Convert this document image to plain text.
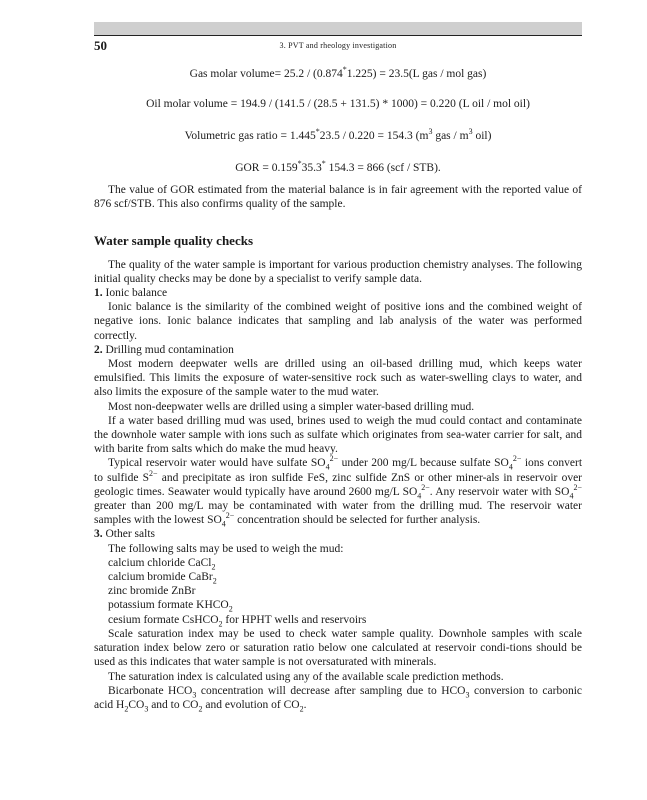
50	3. PVT and rheology investigation
Gas molar volume= 25.2 / (0.874*1.225) = 23.5(L gas / mol gas)
Oil molar volume = 194.9 / (141.5 / (28.5 + 131.5) * 1000) = 0.220 (L oil / mol oil)
Volumetric gas ratio = 1.445*23.5 / 0.220 = 154.3 ($m^3$ gas / $m^3$ oil)
GOR = 0.159*35.3* 154.3 = 866 (scf / STB).

The value of GOR estimated from the material balance is in fair agreement with the reported value of 876 scf/STB. This also confirms quality of the sample.

Water sample quality checks

The quality of the water sample is important for various production chemistry analyses. The following initial quality checks may be done by a specialist to verify sample data.

1. Ionic balance

Ionic balance is the similarity of the combined weight of positive ions and the combined weight of negative ions. Ionic balance indicates that sampling and lab analysis of the water was performed correctly.

2. Drilling mud contamination

Most modern deepwater wells are drilled using an oil-based drilling mud, which keeps water emulsified. This limits the exposure of water-sensitive rock such as water-swelling clays to water, and also limits the exposure of the sample water to the mud water.

Most non-deepwater wells are drilled using a simpler water-based drilling mud.

If a water based drilling mud was used, brines used to weigh the mud could contact and contaminate the downhole water sample with ions such as sulfate which originates from sea-water carrier for salt, and with barite from salts which do make the mud heavy.

Typical reservoir water would have sulfate $SO_4^{2-}$ under 200 mg/L because sulfate $SO_4^{2-}$ ions convert to sulfide $S^{2-}$ and precipitate as iron sulfide FeS, zinc sulfide ZnS or other miner-als in reservoir over geologic times. Seawater would typically have around 2600 mg/L $SO_4^{2-}$. Any reservoir water with $SO_4^{2-}$ greater than 200 mg/L may be contaminated with water from the drilling mud. The reservoir water samples with the lowest $SO_4^{2-}$ concentration should be selected for further analysis.

3. Other salts

The following salts may be used to weigh the mud:

calcium chloride CaCl$_2$

calcium bromide CaBr$_2$

zinc bromide ZnBr

potassium formate $KHCO_2$

cesium formate CsHCO$_2$ for HPHT wells and reservoirs

Scale saturation index may be used to check water sample quality. Downhole samples with scale saturation index below zero or saturation ratio below one calculated at reservoir condi-tions should be used as this indicates that water sample is not oversaturated with minerals.

The saturation index is calculated using any of the available scale prediction methods.

Bicarbonate $HCO_3$ concentration will decrease after sampling due to $HCO_3$ conversion to carbonic acid $H_2CO_3$ and to $CO_2$ and evolution of $CO_2$.
